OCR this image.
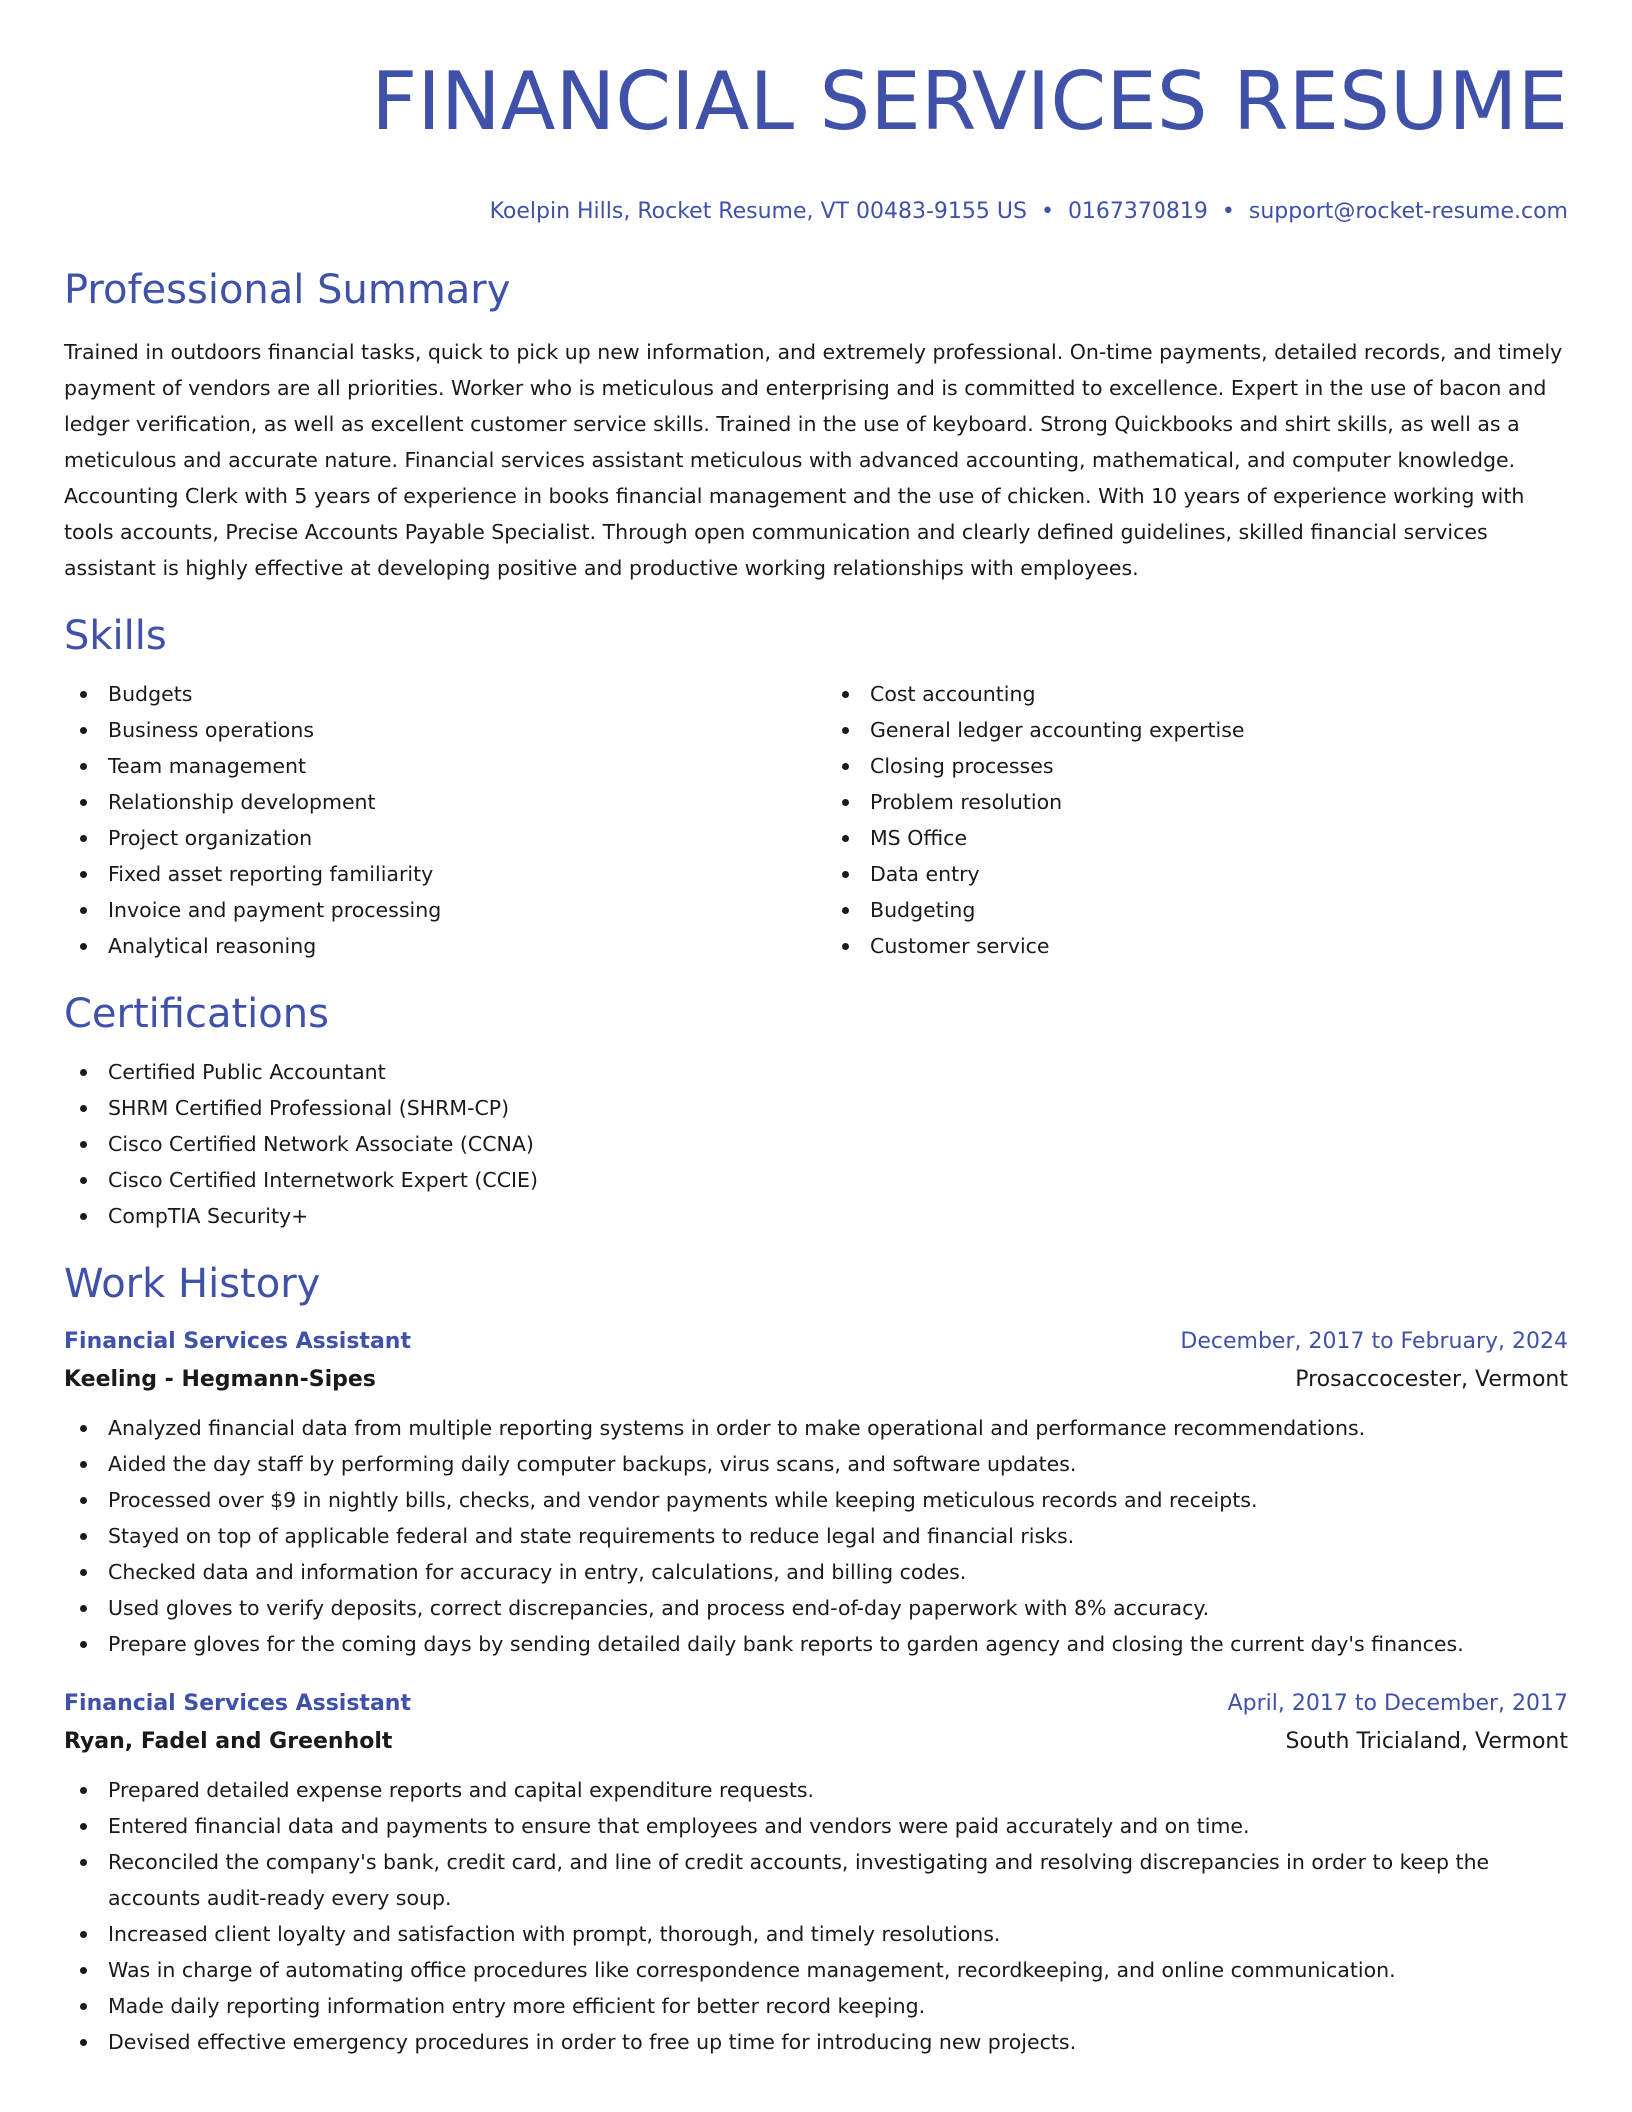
FINANCIAL SERVICES RESUME
Koelpin Hills, Rocket Resume, VT 00483-9155 US • 0167370819 • support@rocket-resume.com
Professional Summary

Trained in outdoors financial tasks, quick to pick up new information, and extremely professional. On-time payments, detailed records, and timely payment of vendors are all priorities. Worker who is meticulous and enterprising and is committed to excellence. Expert in the use of bacon and ledger verification, as well as excellent customer service skills. Trained in the use of keyboard. Strong Quickbooks and shirt skills, as well as a meticulous and accurate nature. Financial services assistant meticulous with advanced accounting, mathematical, and computer knowledge. Accounting Clerk with 5 years of experience in books financial management and the use of chicken. With 10 years of experience working with tools accounts, Precise Accounts Payable Specialist. Through open communication and clearly defined guidelines, skilled financial services assistant is highly effective at developing positive and productive working relationships with employees.

Skills
Budgets
Business operations
Team management
Relationship development
Project organization
Fixed asset reporting familiarity
Invoice and payment processing
Analytical reasoning
Cost accounting
General ledger accounting expertise
Closing processes
Problem resolution
MS Office
Data entry
Budgeting
Customer service
Certifications
Certified Public Accountant
SHRM Certified Professional (SHRM-CP)
Cisco Certified Network Associate (CCNA)
Cisco Certified Internetwork Expert (CCIE)
CompTIA Security+
Work History
Financial Services Assistant	December, 2017 to February, 2024
Keeling - Hegmann-Sipes	Prosaccocester, Vermont
Analyzed financial data from multiple reporting systems in order to make operational and performance recommendations.
Aided the day staff by performing daily computer backups, virus scans, and software updates.
Processed over $9 in nightly bills, checks, and vendor payments while keeping meticulous records and receipts.
Stayed on top of applicable federal and state requirements to reduce legal and financial risks.
Checked data and information for accuracy in entry, calculations, and billing codes.
Used gloves to verify deposits, correct discrepancies, and process end-of-day paperwork with 8% accuracy.
Prepare gloves for the coming days by sending detailed daily bank reports to garden agency and closing the current day's finances.
Financial Services Assistant	April, 2017 to December, 2017
Ryan, Fadel and Greenholt	South Tricialand, Vermont
Prepared detailed expense reports and capital expenditure requests.
Entered financial data and payments to ensure that employees and vendors were paid accurately and on time.
Reconciled the company's bank, credit card, and line of credit accounts, investigating and resolving discrepancies in order to keep the accounts audit-ready every soup.
Increased client loyalty and satisfaction with prompt, thorough, and timely resolutions.
Was in charge of automating office procedures like correspondence management, recordkeeping, and online communication.
Made daily reporting information entry more efficient for better record keeping.
Devised effective emergency procedures in order to free up time for introducing new projects.
